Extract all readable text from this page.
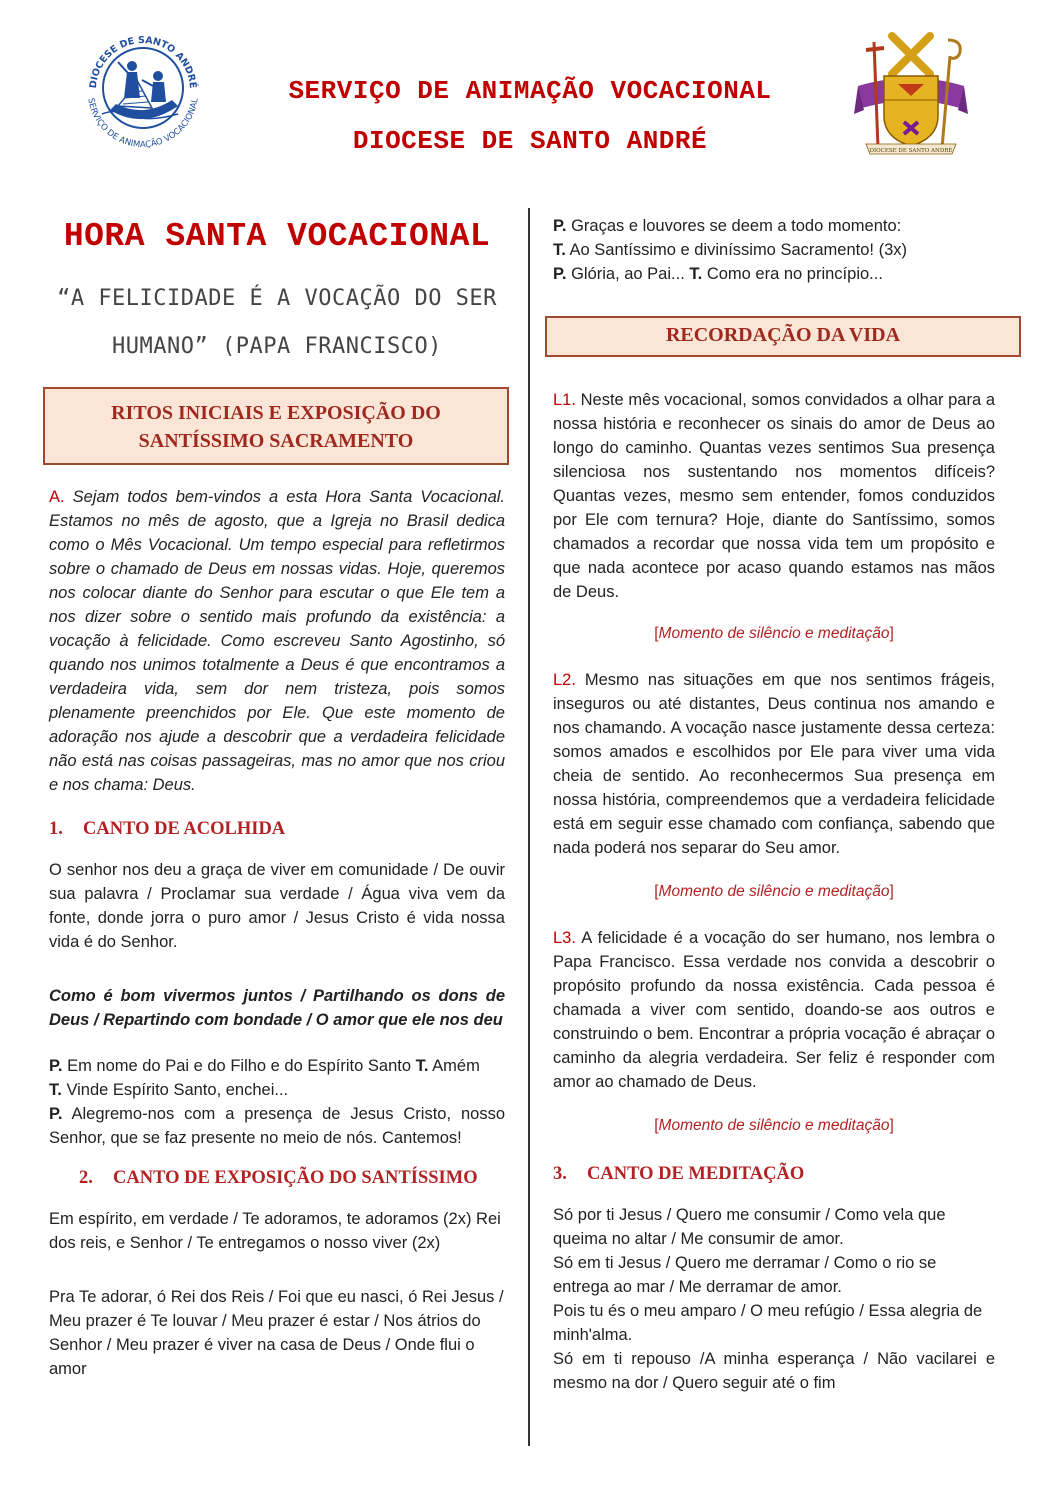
DIOCESE DE SANTO ANDRÉ
SERVIÇO DE ANIMAÇÃO VOCACIONAL	SERVIÇO DE ANIMAÇÃO VOCACIONAL
DIOCESE DE SANTO ANDRÉ	DIOCESE DE SANTO ANDRÉ
HORA SANTA VOCACIONAL
“A FELICIDADE É A VOCAÇÃO DO SER HUMANO” (PAPA FRANCISCO)
RITOS INICIAIS E EXPOSIÇÃO DO SANTÍSSIMO SACRAMENTO

A. Sejam todos bem-vindos a esta Hora Santa Vocacional. Estamos no mês de agosto, que a Igreja no Brasil dedica como o Mês Vocacional. Um tempo especial para refletirmos sobre o chamado de Deus em nossas vidas. Hoje, queremos nos colocar diante do Senhor para escutar o que Ele tem a nos dizer sobre o sentido mais profundo da existência: a vocação à felicidade. Como escreveu Santo Agostinho, só quando nos unimos totalmente a Deus é que encontramos a verdadeira vida, sem dor nem tristeza, pois somos plenamente preenchidos por Ele. Que este momento de adoração nos ajude a descobrir que a verdadeira felicidade não está nas coisas passageiras, mas no amor que nos criou e nos chama: Deus.

1. CANTO DE ACOLHIDA

O senhor nos deu a graça de viver em comunidade / De ouvir sua palavra / Proclamar sua verdade / Água viva vem da fonte, donde jorra o puro amor / Jesus Cristo é vida nossa vida é do Senhor.

Como é bom vivermos juntos / Partilhando os dons de Deus / Repartindo com bondade / O amor que ele nos deu

P. Em nome do Pai e do Filho e do Espírito Santo T. Amém
T. Vinde Espírito Santo, enchei...
P. Alegremo-nos com a presença de Jesus Cristo, nosso Senhor, que se faz presente no meio de nós. Cantemos!

2. CANTO DE EXPOSIÇÃO DO SANTÍSSIMO

Em espírito, em verdade / Te adoramos, te adoramos (2x) Rei dos reis, e Senhor / Te entregamos o nosso viver (2x)

Pra Te adorar, ó Rei dos Reis / Foi que eu nasci, ó Rei Jesus / Meu prazer é Te louvar / Meu prazer é estar / Nos átrios do Senhor / Meu prazer é viver na casa de Deus / Onde flui o amor

P. Graças e louvores se deem a todo momento:
T. Ao Santíssimo e diviníssimo Sacramento! (3x)
P. Glória, ao Pai... T. Como era no princípio...

RECORDAÇÃO DA VIDA

L1. Neste mês vocacional, somos convidados a olhar para a nossa história e reconhecer os sinais do amor de Deus ao longo do caminho. Quantas vezes sentimos Sua presença silenciosa nos sustentando nos momentos difíceis? Quantas vezes, mesmo sem entender, fomos conduzidos por Ele com ternura? Hoje, diante do Santíssimo, somos chamados a recordar que nossa vida tem um propósito e que nada acontece por acaso quando estamos nas mãos de Deus.

[Momento de silêncio e meditação]

L2. Mesmo nas situações em que nos sentimos frágeis, inseguros ou até distantes, Deus continua nos amando e nos chamando. A vocação nasce justamente dessa certeza: somos amados e escolhidos por Ele para viver uma vida cheia de sentido. Ao reconhecermos Sua presença em nossa história, compreendemos que a verdadeira felicidade está em seguir esse chamado com confiança, sabendo que nada poderá nos separar do Seu amor.

[Momento de silêncio e meditação]

L3. A felicidade é a vocação do ser humano, nos lembra o Papa Francisco. Essa verdade nos convida a descobrir o propósito profundo da nossa existência. Cada pessoa é chamada a viver com sentido, doando-se aos outros e construindo o bem. Encontrar a própria vocação é abraçar o caminho da alegria verdadeira. Ser feliz é responder com amor ao chamado de Deus.

[Momento de silêncio e meditação]

3. CANTO DE MEDITAÇÃO

Só por ti Jesus / Quero me consumir / Como vela que queima no altar / Me consumir de amor.

Só em ti Jesus / Quero me derramar / Como o rio se entrega ao mar / Me derramar de amor.

Pois tu és o meu amparo / O meu refúgio / Essa alegria de minh'alma.

Só em ti repouso /A minha esperança / Não vacilarei e mesmo na dor / Quero seguir até o fim
